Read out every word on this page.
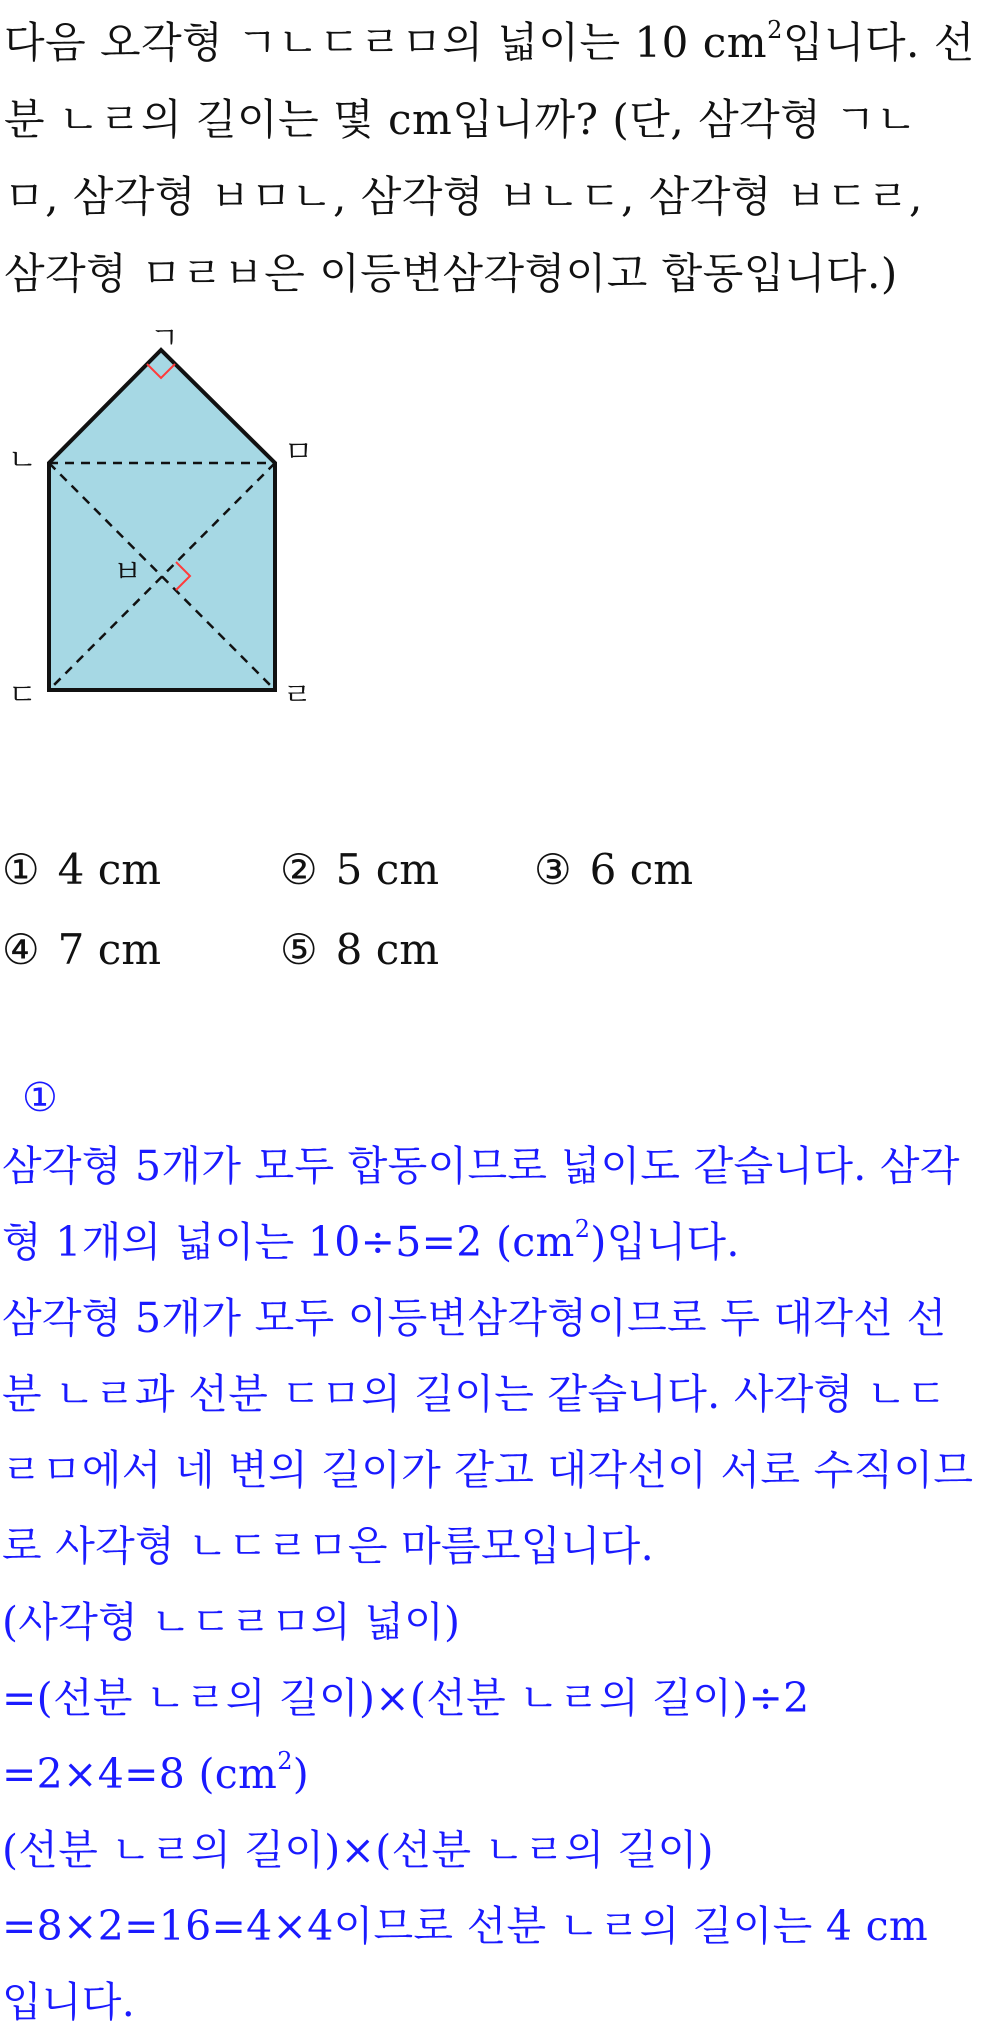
다음 오각형 ㄱㄴㄷㄹㅁ의 넓이는 10 $cm^2$입니다. 선
분 ㄴㄹ의 길이는 몇 cm입니까? (단, 삼각형 ㄱㄴ
ㅁ, 삼각형 ㅂㅁㄴ, 삼각형 ㅂㄴㄷ, 삼각형 ㅂㄷㄹ,
삼각형 ㅁㄹㅂ은 이등변삼각형이고 합동입니다.)
ㄱ
ㄴ	ㅁ
ㅂ
ㄷ	ㄹ
① 4 cm	② 5 cm ③ 6 cm
④ 7 cm	⑤ 8 cm
①
삼각형 5개가 모두 합동이므로 넓이도 같습니다. 삼각
형 1개의 넓이는 10÷5=2 $(cm^2)$입니다.
삼각형 5개가 모두 이등변삼각형이므로 두 대각선 선
분 ㄴㄹ과 선분 ㄷㅁ의 길이는 같습니다. 사각형 ㄴㄷ
ㄹㅁ에서 네 변의 길이가 같고 대각선이 서로 수직이므
로 사각형 ㄴㄷㄹㅁ은 마름모입니다.
(사각형 ㄴㄷㄹㅁ의 넓이)
=(선분 ㄴㄹ의 길이)×(선분 ㄴㄹ의 길이)÷2
=2×4=8 $(cm^2)$
(선분 ㄴㄹ의 길이)×(선분 ㄴㄹ의 길이)
=8×2=16=4×4이므로 선분 ㄴㄹ의 길이는 4 cm
입니다.
